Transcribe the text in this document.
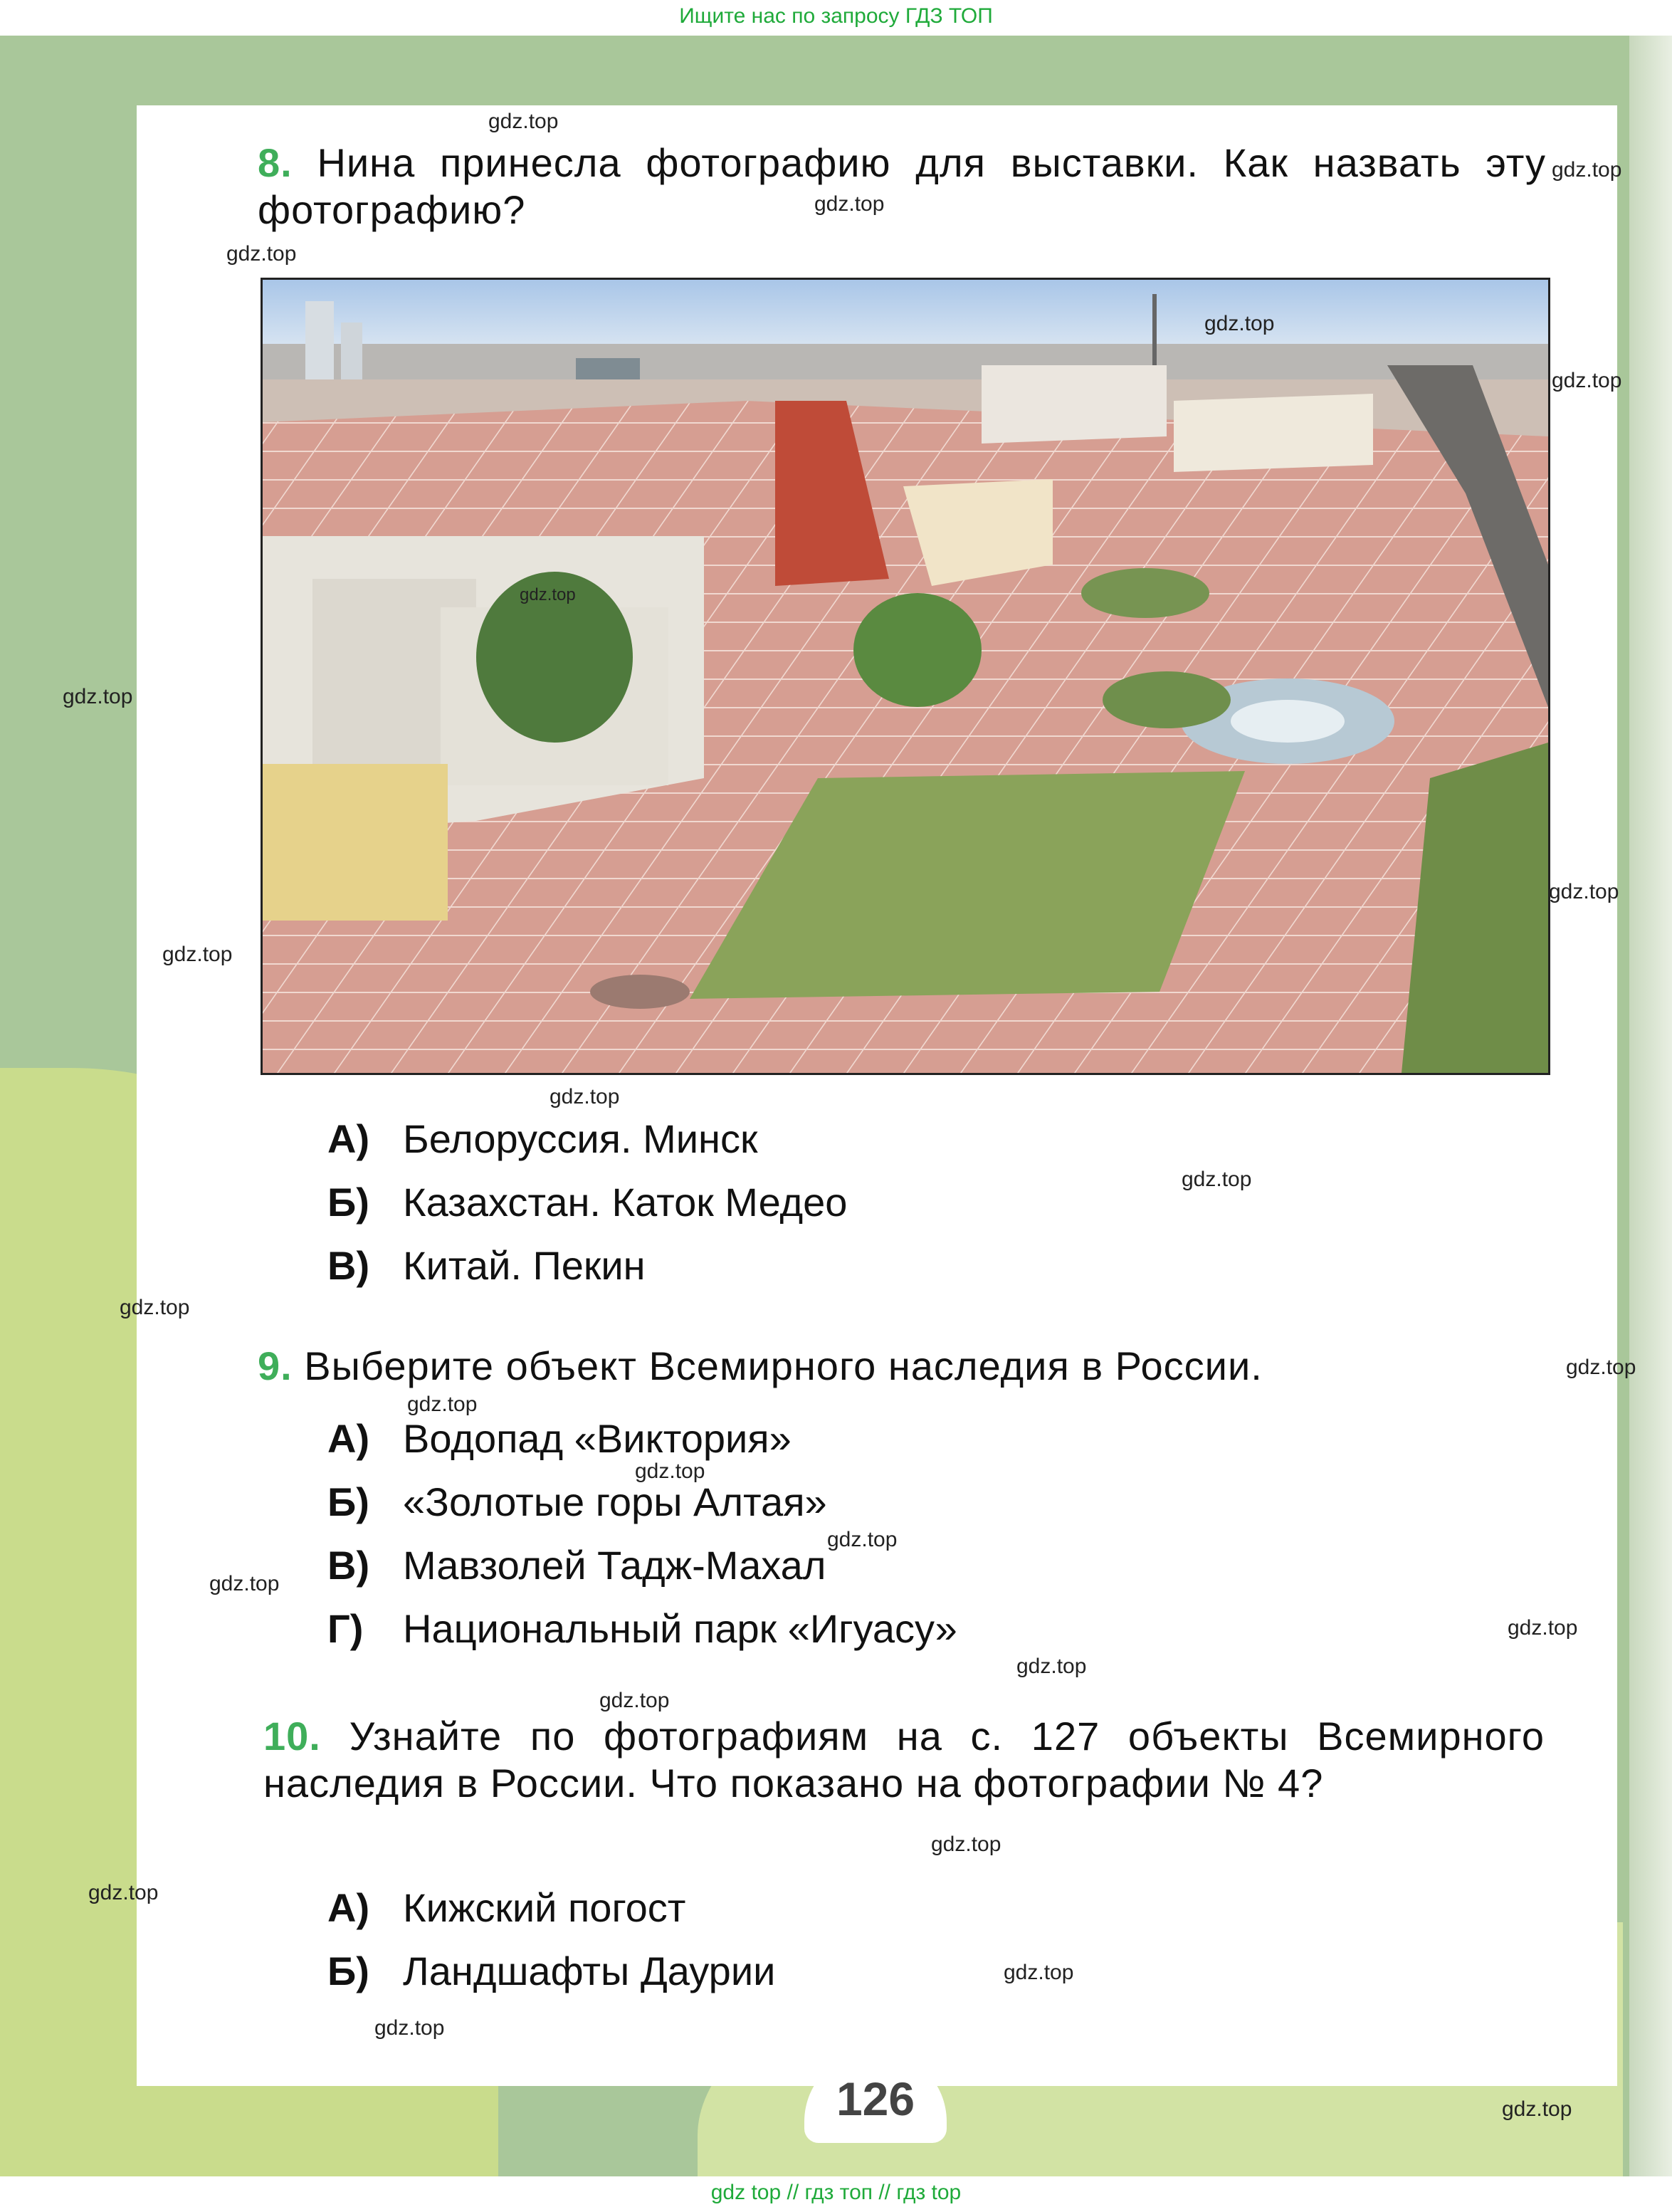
Ищите нас по запросу ГДЗ ТОП
8. Нина принесла фотографию для выставки. Как назвать эту фотографию?
А) Белоруссия. Минск
Б) Казахстан. Каток Медео
В) Китай. Пекин
9. Выберите объект Всемирного наследия в России.
А) Водопад «Виктория»
Б) «Золотые горы Алтая»
В) Мавзолей Тадж-Махал
Г) Национальный парк «Игуасу»
10. Узнайте по фотографиям на с. 127 объекты Всемирного наследия в России. Что показано на фотографии № 4?
А) Кижский погост
Б) Ландшафты Даурии
gdz.top
gdz.top
gdz.top
gdz.top
gdz.top
gdz.top
gdz.top
gdz.top
gdz.top
gdz.top
gdz.top
gdz.top
gdz.top
gdz.top
gdz.top
gdz.top
gdz.top
gdz.top
gdz.top
gdz.top
gdz.top
gdz.top
gdz.top
gdz.top
gdz.top
gdz.top
126
gdz top // гдз топ // гдз top
